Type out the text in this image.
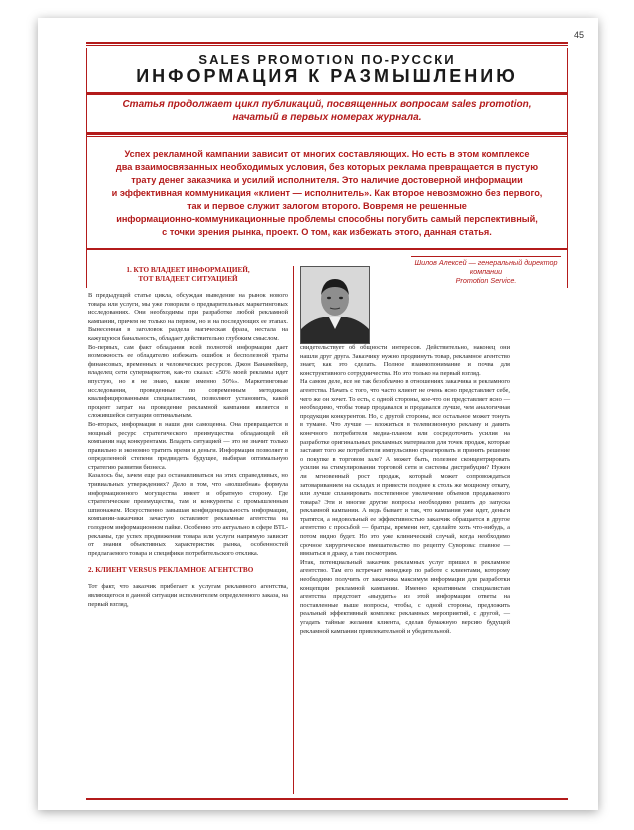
45
SALES PROMOTION ПО-РУССКИ
ИНФОРМАЦИЯ К РАЗМЫШЛЕНИЮ
Статья продолжает цикл публикаций, посвященных вопросам sales promotion,
начатый в первых номерах журнала.
Успех рекламной кампании зависит от многих составляющих. Но есть в этом комплексе
два взаимосвязанных необходимых условия, без которых реклама превращается в пустую
трату денег заказчика и усилий исполнителя. Это наличие достоверной информации
и эффективная коммуникация «клиент — исполнитель». Как второе невозможно без первого,
так и первое служит залогом второго. Вовремя не решенные
информационно-коммуникационные проблемы способны погубить самый перспективный,
с точки зрения рынка, проект. О том, как избежать этого, данная статья.
Шилов Алексей — генеральный директор компании
Promotion Service.
1. КТО ВЛАДЕЕТ ИНФОРМАЦИЕЙ,
ТОТ ВЛАДЕЕТ СИТУАЦИЕЙ

В предыдущей статье цикла, обсуждая выведение на рынок нового товара или услуги, мы уже говорили о предварительных маркетинговых исследованиях. Они необходимы при разработке любой рекламной кампании, причем не только на первом, но и на последующих ее этапах. Вынесенная в заголовок раздела магическая фраза, нестала на кажущуюся банальность, обладает действительно глубоким смыслом.

Во-первых, сам факт обладания всей полнотой информации дает возможность ее обладателю избежать ошибок и бесполезной траты финансовых, временных и человеческих ресурсов. Джон Ванамейкер, владелец сети супермаркетов, как-то сказал: «50% моей рекламы идет впустую, но я не знаю, какие именно 50%». Маркетинговые исследования, проведенные по современным методикам квалифицированными специалистами, позволяют установить, какой процент затрат на проведение рекламной кампании является в сложившейся ситуации оптимальным.

Во-вторых, информация в наши дни самоценна. Она превращается в мощный ресурс стратегического преимущества обладающей ей компании над конкурентами. Владеть ситуацией — это не значит только правильно и экономно тратить время и деньги. Информация позволяет в определенной степени предвидеть будущее, выбирая оптимальную стратегию развития бизнеса.

Казалось бы, зачем еще раз останавливаться на этих справедливых, но тривиальных утверждениях? Дело в том, что «волшебная» формула информационного могущества имеет и обратную сторону. Где стратегические преимущества, там и конкуренты с промышленным шпионажем. Искусственно завышая конфиденциальность информации, компании-заказчики зачастую оставляют рекламные агентства на голодном информационном пайке. Особенно это актуально в сфере BTL-рекламы, где успех продвижения товара или услуги напрямую зависит от знания объективных характеристик рынка, особенностей предлагаемого товара и специфики потребительского отклика.

2. КЛИЕНТ VERSUS РЕКЛАМНОЕ АГЕНТСТВО

Тот факт, что заказчик прибегает к услугам рекламного агентства, являющегося в данной ситуации исполнителем определенного заказа, на первый взгляд,

свидетельствует об общности интересов. Действительно, наконец они нашли друг друга. Заказчику нужно продвинуть товар, рекламное агентство знает, как это сделать. Полное взаимопонимание и почва для конструктивного сотрудничества. Но это только на первый взгляд.

На самом деле, все не так безоблачно в отношениях заказчика и рекламного агентства. Начать с того, что часто клиент не очень ясно представляет себе, чего же он хочет. То есть, с одной стороны, кое-что он представляет ясно — необходимо, чтобы товар продавался и продавался лучше, чем аналогичная продукция конкурентов. Но, с другой стороны, все остальное может тонуть в тумане. Что лучше — вложиться в телевизионную рекламу и давить конечного потребителя медиа-планом или сосредоточить усилия на разработке оригинальных рекламных материалов для точек продаж, которые заставят того же потребителя импульсивно среагировать и принять решение о покупке в торговом зале? А может быть, полезнее сконцентрировать усилия на стимулировании торговой сети и системы дистрибуции? Нужен ли мгновенный рост продаж, который может сопровождаться затовариванием на складах и привести позднее к столь же мощному откату, или лучше спланировать постепенное увеличение объемов продаваемого товара? Эти и многие другие вопросы необходимо решить до запуска рекламной кампании. А ведь бывает и так, что кампания уже идет, деньги тратятся, а недовольный ее эффективностью заказчик обращается в другое агентство с просьбой — братцы, времени нет, сделайте хоть что-нибудь, а потом видно будет. Но это уже клинический случай, когда необходимо срочное хирургическое вмешательство по рецепту Суворова: главное — ввязаться в драку, а там посмотрим.

Итак, потенциальный заказчик рекламных услуг пришел в рекламное агентство. Там его встречает менеджер по работе с клиентами, которому необходимо получить от заказчика максимум информации для разработки концепции рекламной кампании. Именно креативным специалистам агентства предстоит «выудить» из этой информации ответы на поставленные выше вопросы, чтобы, с одной стороны, предложить реальный эффективный комплекс рекламных мероприятий, с другой, — угадать тайные желания клиента, сделав бумажную версию будущей рекламной кампании привлекательной и убедительной.
